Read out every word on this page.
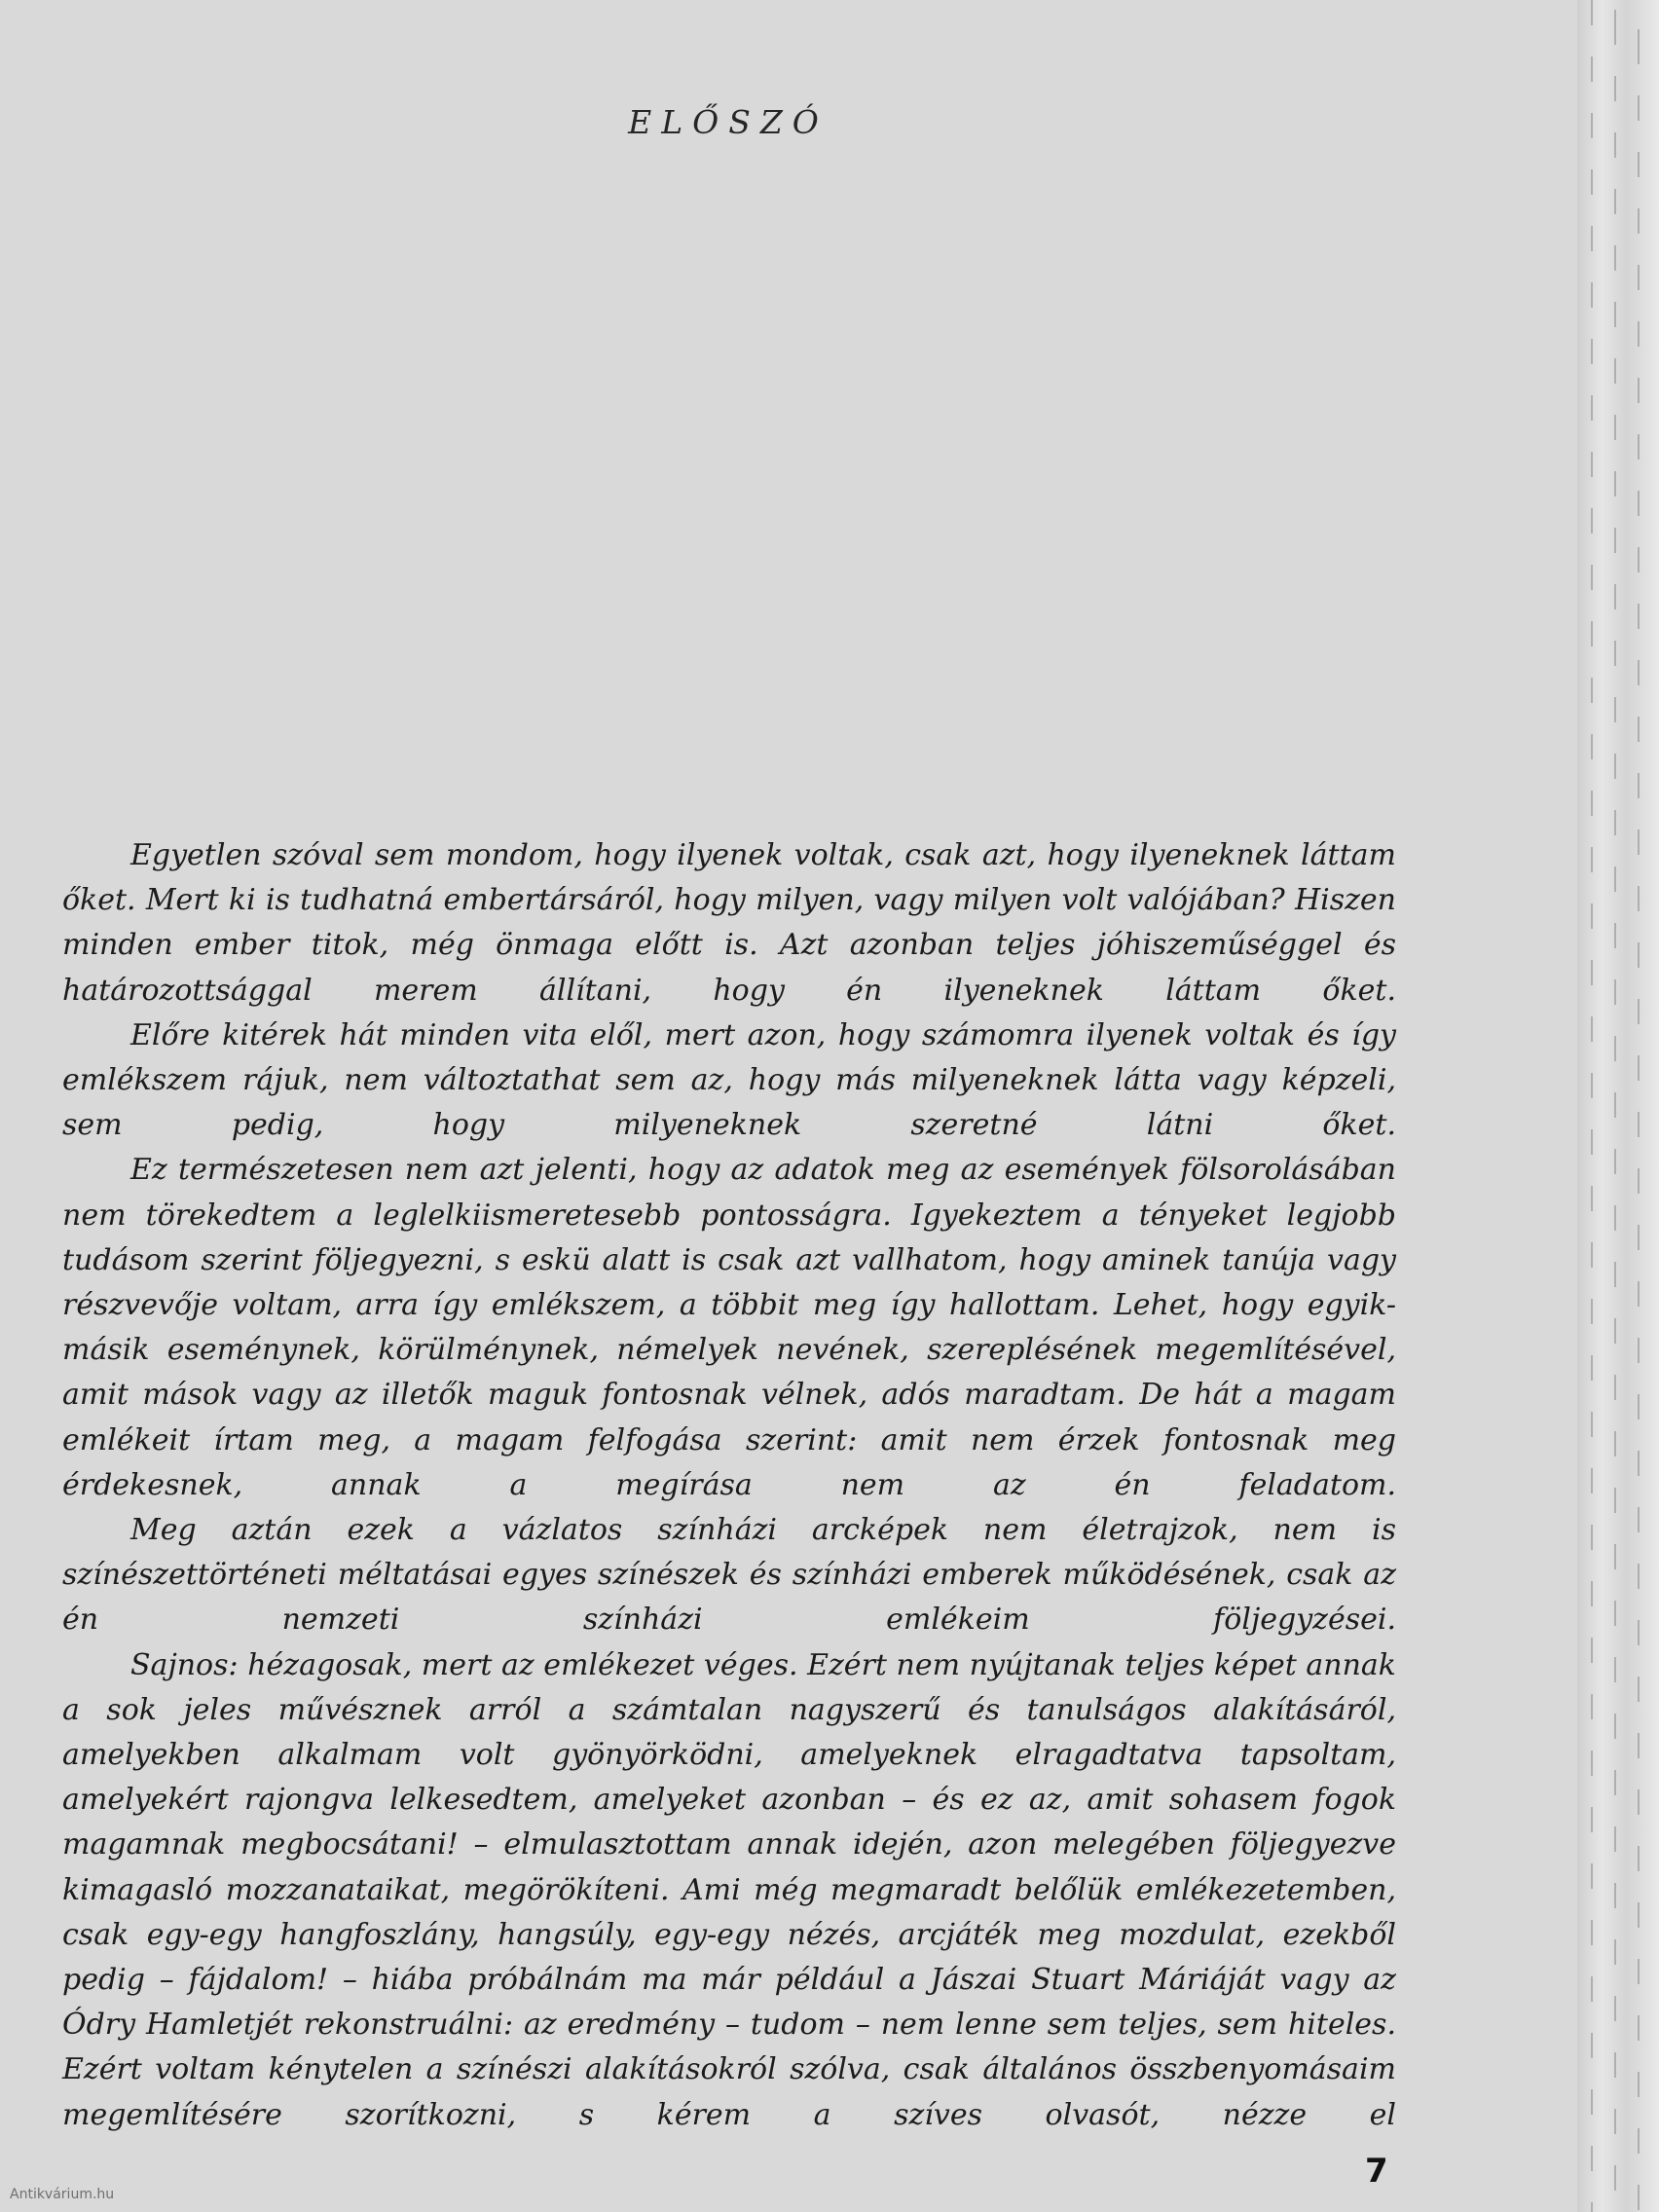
ELŐSZÓ

Egyetlen szóval sem mondom, hogy ilyenek voltak, csak azt, hogy ilyeneknek láttam őket. Mert ki is tudhatná embertársáról, hogy milyen, vagy milyen volt valójában? Hiszen minden ember titok, még önmaga előtt is. Azt azonban teljes jóhiszeműséggel és határozottsággal merem állítani, hogy én ilyeneknek láttam őket.

Előre kitérek hát minden vita elől, mert azon, hogy számomra ilyenek voltak és így emlékszem rájuk, nem változtathat sem az, hogy más milyeneknek látta vagy képzeli, sem pedig, hogy milyeneknek szeretné látni őket.

Ez természetesen nem azt jelenti, hogy az adatok meg az események fölsorolásában nem törekedtem a leglelkiismeretesebb pontosságra. Igyekeztem a tényeket legjobb tudásom szerint följegyezni, s eskü alatt is csak azt vallhatom, hogy aminek tanúja vagy részvevője voltam, arra így emlékszem, a többit meg így hallottam. Lehet, hogy egyik-másik eseménynek, körülménynek, némelyek nevének, szereplésének megemlítésével, amit mások vagy az illetők maguk fontosnak vélnek, adós maradtam. De hát a magam emlékeit írtam meg, a magam felfogása szerint: amit nem érzek fontosnak meg érdekesnek, annak a megírása nem az én feladatom.

Meg aztán ezek a vázlatos színházi arcképek nem életrajzok, nem is színészettörténeti méltatásai egyes színészek és színházi emberek működésének, csak az én nemzeti színházi emlékeim följegyzései.

Sajnos: hézagosak, mert az emlékezet véges. Ezért nem nyújtanak teljes képet annak a sok jeles művésznek arról a számtalan nagyszerű és tanulságos alakításáról, amelyekben alkalmam volt gyönyörködni, amelyeknek elragadtatva tapsoltam, amelyekért rajongva lelkesedtem, amelyeket azonban – és ez az, amit sohasem fogok magamnak megbocsátani! – elmulasztottam annak idején, azon melegében följegyezve kimagasló mozzanataikat, megörökíteni. Ami még megmaradt belőlük emlékezetemben, csak egy-egy hangfoszlány, hangsúly, egy-egy nézés, arcjáték meg mozdulat, ezekből pedig – fájdalom! – hiába próbálnám ma már például a Jászai Stuart Máriáját vagy az Ódry Hamletjét rekonstruálni: az eredmény – tudom – nem lenne sem teljes, sem hiteles. Ezért voltam kénytelen a színészi alakításokról szólva, csak általános összbenyomásaim megemlítésére szorítkozni, s kérem a szíves olvasót, nézze el

7
Antikvárium.hu
